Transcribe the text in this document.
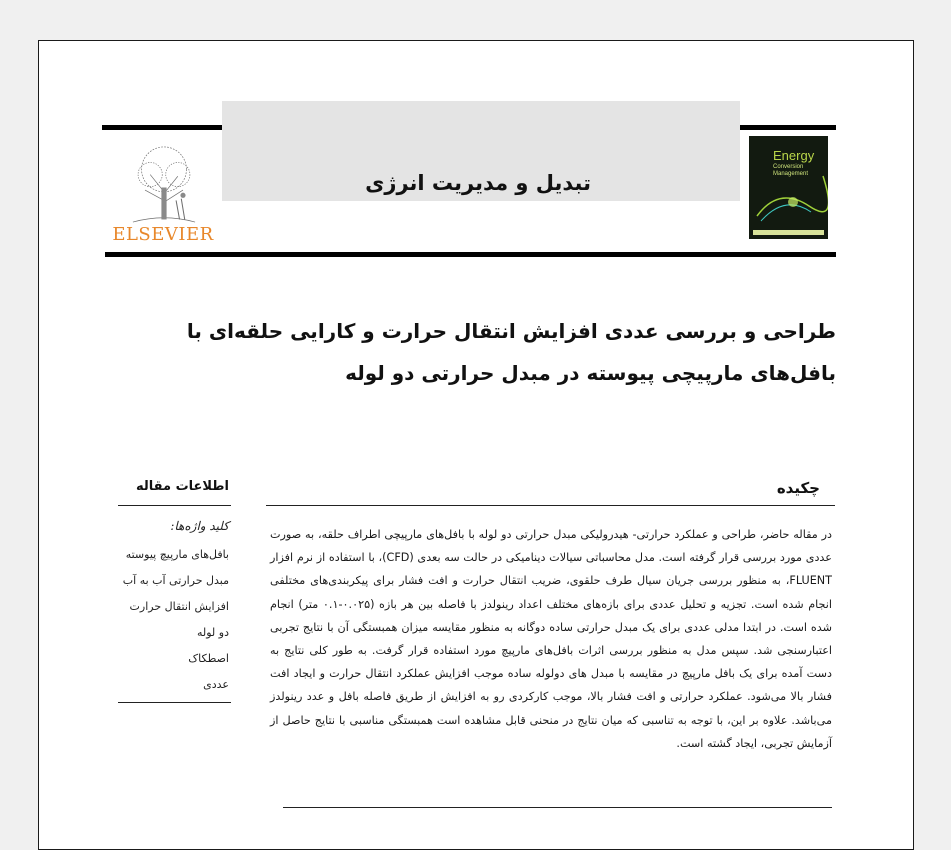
ELSEVIER
تبدیل و مدیریت انرژی
Energy
Conversion
Management
طراحی و بررسی عددی افزایش انتقال حرارت و کارایی حلقه‌ای با بافل‌های مارپیچی پیوسته در مبدل حرارتی دو لوله
چکیده
اطلاعات مقاله
در مقاله حاضر، طراحی و عملکرد حرارتی- هیدرولیکی مبدل حرارتی دو لوله با بافل‌های مارپیچی اطراف حلقه، به صورت عددی مورد بررسی قرار گرفته است. مدل محاسباتی سیالات دینامیکی در حالت سه بعدی (CFD)، با استفاده از نرم افزار FLUENT، به منظور بررسی جریان سیال طرف حلقوی، ضریب انتقال حرارت و افت فشار برای پیکربندی‌های مختلفی انجام شده است. تجزیه و تحلیل عددی برای بازه‌های مختلف اعداد رینولدز با فاصله بین هر بازه (۰.۰۲۵-۰.۱ متر) انجام شده است. در ابتدا مدلی عددی برای یک مبدل حرارتی ساده دوگانه به منظور مقایسه میزان همبستگی آن با نتایج تجربی اعتبارسنجی شد. سپس مدل به منظور بررسی اثرات بافل‌های مارپیچ مورد استفاده قرار گرفت. به طور کلی نتایج به دست آمده برای یک بافل مارپیچ در مقایسه با مبدل های دولوله ساده موجب افزایش عملکرد انتقال حرارت و ایجاد افت فشار بالا می‌شود. عملکرد حرارتی و افت فشار بالا، موجب کارکردی رو به افزایش از طریق فاصله بافل و عدد رینولدز می‌باشد. علاوه بر این، با توجه به تناسبی که میان نتایج در منحنی قابل مشاهده است همبستگی مناسبی با نتایج حاصل از آزمایش تجربی، ایجاد گشته است.
کلید واژه‌ها:
بافل‌های مارپیچ پیوسته
مبدل حرارتی آب به آب
افزایش انتقال حرارت
دو لوله
اصطکاک
عددی
